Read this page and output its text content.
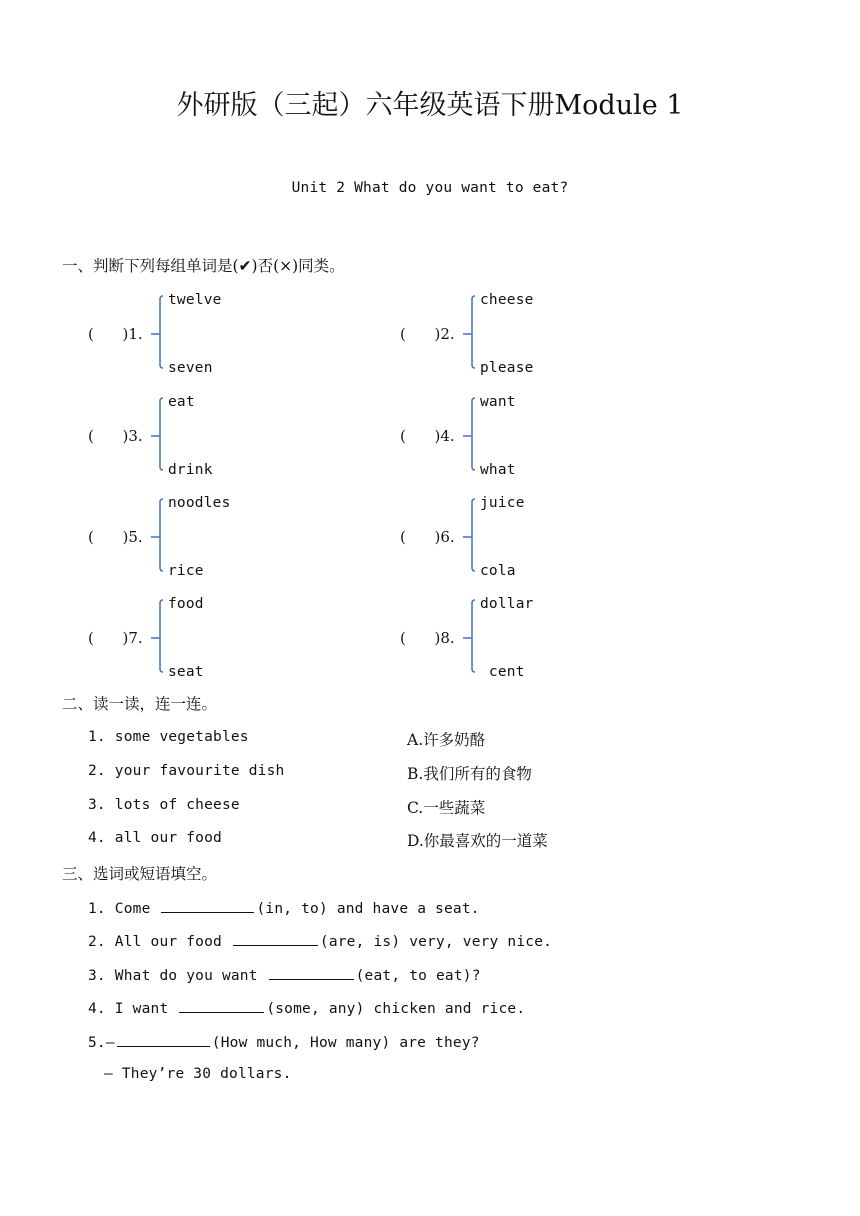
外研版（三起）六年级英语下册Module 1
Unit 2 What do you want to eat?
一、判断下列每组单词是(✔)否(×)同类。
(      )1.
twelve
seven
(      )2.
cheese
please
(      )3.
eat
drink
(      )4.
want
what
(      )5.
noodles
rice
(      )6.
juice
cola
(      )7.
food
seat
(      )8.
dollar
cent
二、读一读，连一连。
1. some vegetables
2. your favourite dish
3. lots of cheese
4. all our food
A.许多奶酪
B.我们所有的食物
C.一些蔬菜
D.你最喜欢的一道菜
三、选词或短语填空。
1. Come	(in, to) and have a seat.
2. All our food	(are, is) very, very nice.
3. What do you want	(eat, to eat)?
4. I want	(some, any) chicken and rice.
5.—	(How much, How many) are they?
— They’re 30 dollars.
